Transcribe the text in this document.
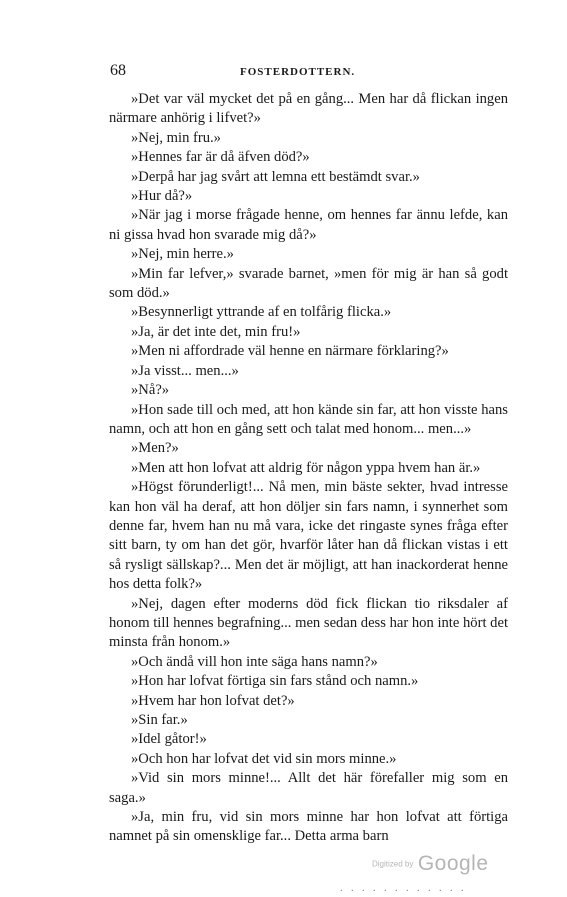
68	FOSTERDOTTERN.

»Det var väl mycket det på en gång... Men har då flickan ingen närmare anhörig i lifvet?»

»Nej, min fru.»

»Hennes far är då äfven död?»

»Derpå har jag svårt att lemna ett bestämdt svar.»

»Hur då?»

»När jag i morse frågade henne, om hennes far ännu lefde, kan ni gissa hvad hon svarade mig då?»

»Nej, min herre.»

»Min far lefver,» svarade barnet, »men för mig är han så godt som död.»

»Besynnerligt yttrande af en tolfårig flicka.»

»Ja, är det inte det, min fru!»

»Men ni affordrade väl henne en närmare förklaring?»

»Ja visst... men...»

»Nå?»

»Hon sade till och med, att hon kände sin far, att hon visste hans namn, och att hon en gång sett och talat med honom... men...»

»Men?»

»Men att hon lofvat att aldrig för någon yppa hvem han är.»

»Högst förunderligt!... Nå men, min bäste sekter, hvad intresse kan hon väl ha deraf, att hon döljer sin fars namn, i synnerhet som denne far, hvem han nu må vara, icke det ringaste synes fråga efter sitt barn, ty om han det gör, hvarför låter han då flickan vistas i ett så rysligt sällskap?... Men det är möjligt, att han inackorderat henne hos detta folk?»

»Nej, dagen efter moderns död fick flickan tio riksdaler af honom till hennes begrafning... men sedan dess har hon inte hört det minsta från honom.»

»Och ändå vill hon inte säga hans namn?»

»Hon har lofvat förtiga sin fars stånd och namn.»

»Hvem har hon lofvat det?»

»Sin far.»

»Idel gåtor!»

»Och hon har lofvat det vid sin mors minne.»

»Vid sin mors minne!... Allt det här förefaller mig som en saga.»

»Ja, min fru, vid sin mors minne har hon lofvat att förtiga namnet på sin omensklige far... Detta arma barn

Digitized by Google
. . . . . . . . . . . .
